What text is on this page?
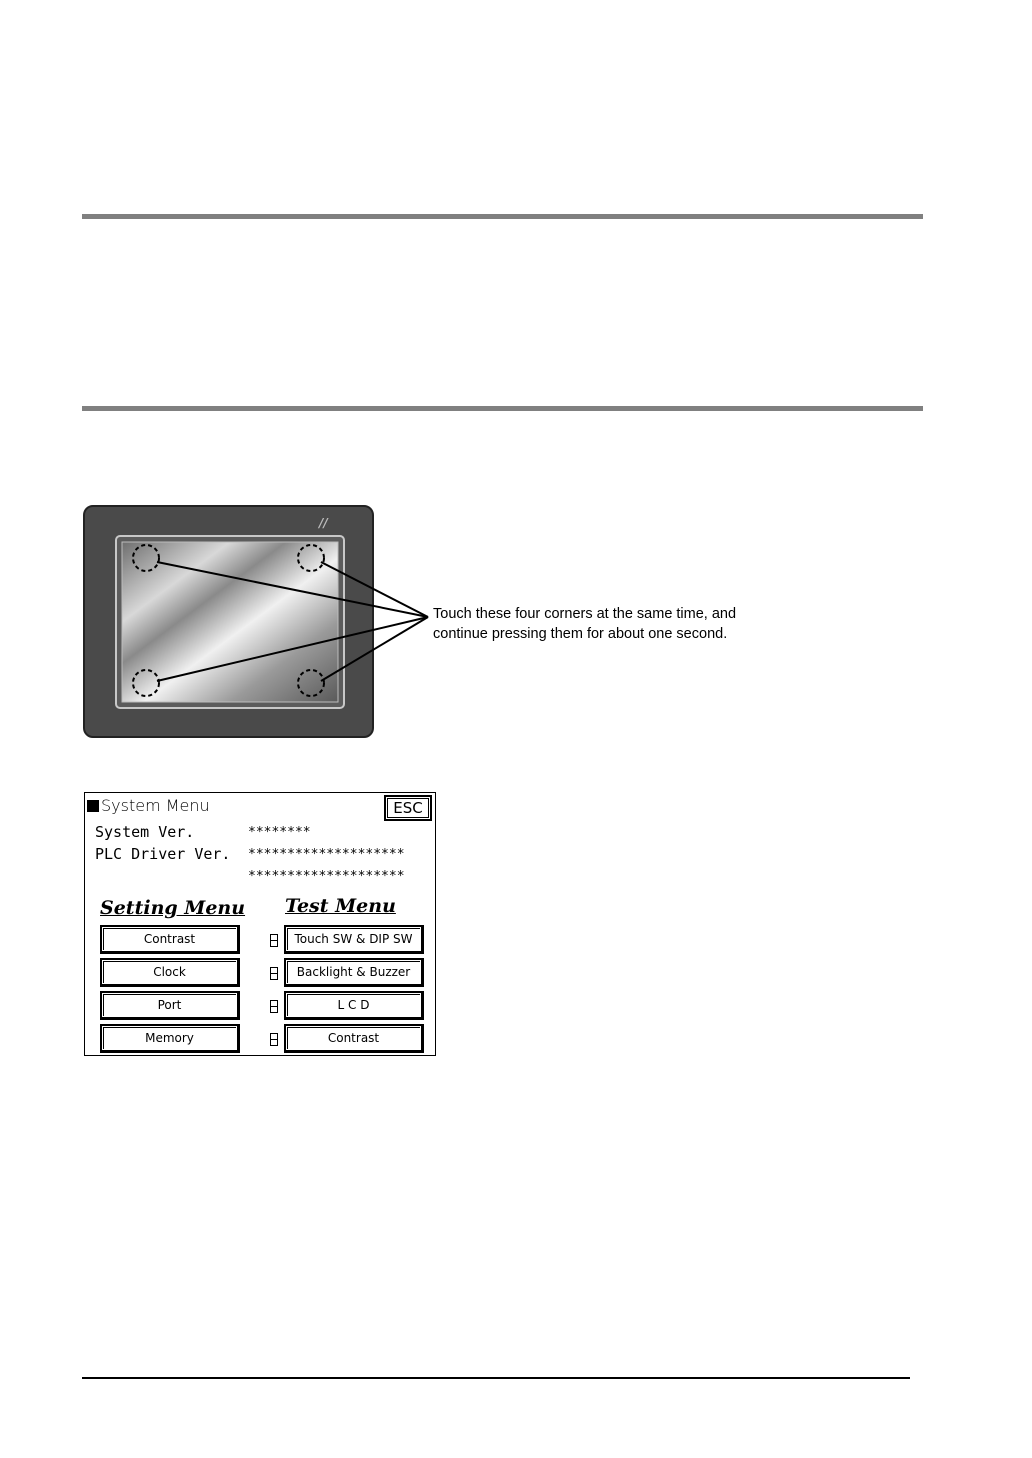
//
Touch these four corners at the same time, and continue pressing them for about one second.
System Menu	ESC
System Ver.	********
PLC Driver Ver. ********************
********************
Setting Menu Test Menu
Contrast
Clock
Port
Memory
Touch SW & DIP SW
Backlight & Buzzer
L C D
Contrast
